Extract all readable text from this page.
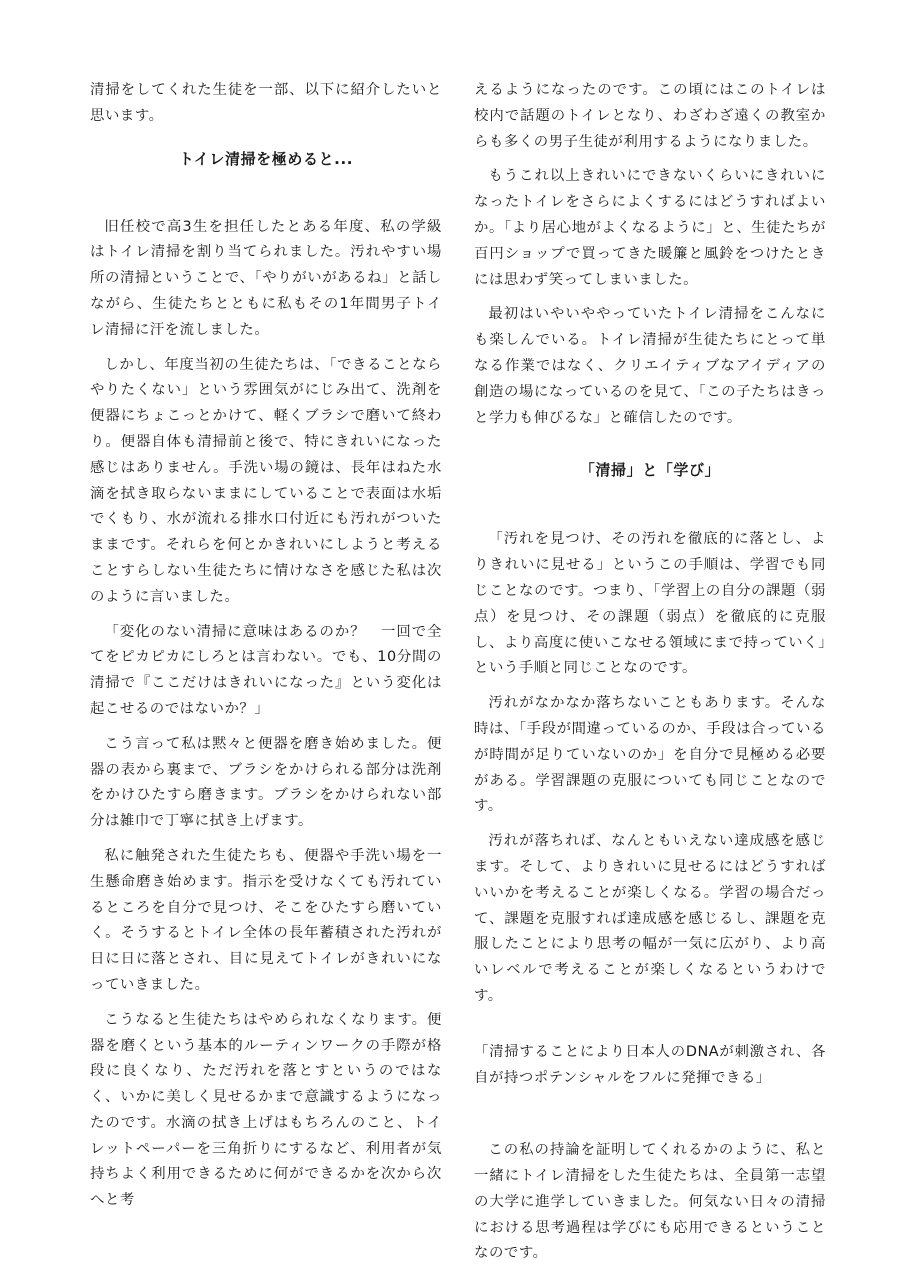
清掃をしてくれた生徒を一部、以下に紹介したいと思います。

トイレ清掃を極めると...

旧任校で高3生を担任したとある年度、私の学級はトイレ清掃を割り当てられました。汚れやすい場所の清掃ということで、「やりがいがあるね」と話しながら、生徒たちとともに私もその1年間男子トイレ清掃に汗を流しました。

しかし、年度当初の生徒たちは、「できることならやりたくない」という雰囲気がにじみ出て、洗剤を便器にちょこっとかけて、軽くブラシで磨いて終わり。便器自体も清掃前と後で、特にきれいになった感じはありません。手洗い場の鏡は、長年はねた水滴を拭き取らないままにしていることで表面は水垢でくもり、水が流れる排水口付近にも汚れがついたままです。それらを何とかきれいにしようと考えることすらしない生徒たちに情けなさを感じた私は次のように言いました。

「変化のない清掃に意味はあるのか？　一回で全てをピカピカにしろとは言わない。でも、10分間の清掃で『ここだけはきれいになった』という変化は起こせるのではないか？」

こう言って私は黙々と便器を磨き始めました。便器の表から裏まで、ブラシをかけられる部分は洗剤をかけひたすら磨きます。ブラシをかけられない部分は雑巾で丁寧に拭き上げます。

私に触発された生徒たちも、便器や手洗い場を一生懸命磨き始めます。指示を受けなくても汚れているところを自分で見つけ、そこをひたすら磨いていく。そうするとトイレ全体の長年蓄積された汚れが日に日に落とされ、目に見えてトイレがきれいになっていきました。

こうなると生徒たちはやめられなくなります。便器を磨くという基本的ルーティンワークの手際が格段に良くなり、ただ汚れを落とすというのではなく、いかに美しく見せるかまで意識するようになったのです。水滴の拭き上げはもちろんのこと、トイレットペーパーを三角折りにするなど、利用者が気持ちよく利用できるために何ができるかを次から次へと考

えるようになったのです。この頃にはこのトイレは校内で話題のトイレとなり、わざわざ遠くの教室からも多くの男子生徒が利用するようになりました。

もうこれ以上きれいにできないくらいにきれいになったトイレをさらによくするにはどうすればよいか。「より居心地がよくなるように」と、生徒たちが百円ショップで買ってきた暖簾と風鈴をつけたときには思わず笑ってしまいました。

最初はいやいややっていたトイレ清掃をこんなにも楽しんでいる。トイレ清掃が生徒たちにとって単なる作業ではなく、クリエイティブなアイディアの創造の場になっているのを見て、「この子たちはきっと学力も伸びるな」と確信したのです。

「清掃」と「学び」

「汚れを見つけ、その汚れを徹底的に落とし、よりきれいに見せる」というこの手順は、学習でも同じことなのです。つまり、「学習上の自分の課題（弱点）を見つけ、その課題（弱点）を徹底的に克服し、より高度に使いこなせる領域にまで持っていく」という手順と同じことなのです。

汚れがなかなか落ちないこともあります。そんな時は、「手段が間違っているのか、手段は合っているが時間が足りていないのか」を自分で見極める必要がある。学習課題の克服についても同じことなのです。

汚れが落ちれば、なんともいえない達成感を感じます。そして、よりきれいに見せるにはどうすればいいかを考えることが楽しくなる。学習の場合だって、課題を克服すれば達成感を感じるし、課題を克服したことにより思考の幅が一気に広がり、より高いレベルで考えることが楽しくなるというわけです。

「清掃することにより日本人のDNAが刺激され、各自が持つポテンシャルをフルに発揮できる」

この私の持論を証明してくれるかのように、私と一緒にトイレ清掃をした生徒たちは、全員第一志望の大学に進学していきました。何気ない日々の清掃における思考過程は学びにも応用できるということなのです。
